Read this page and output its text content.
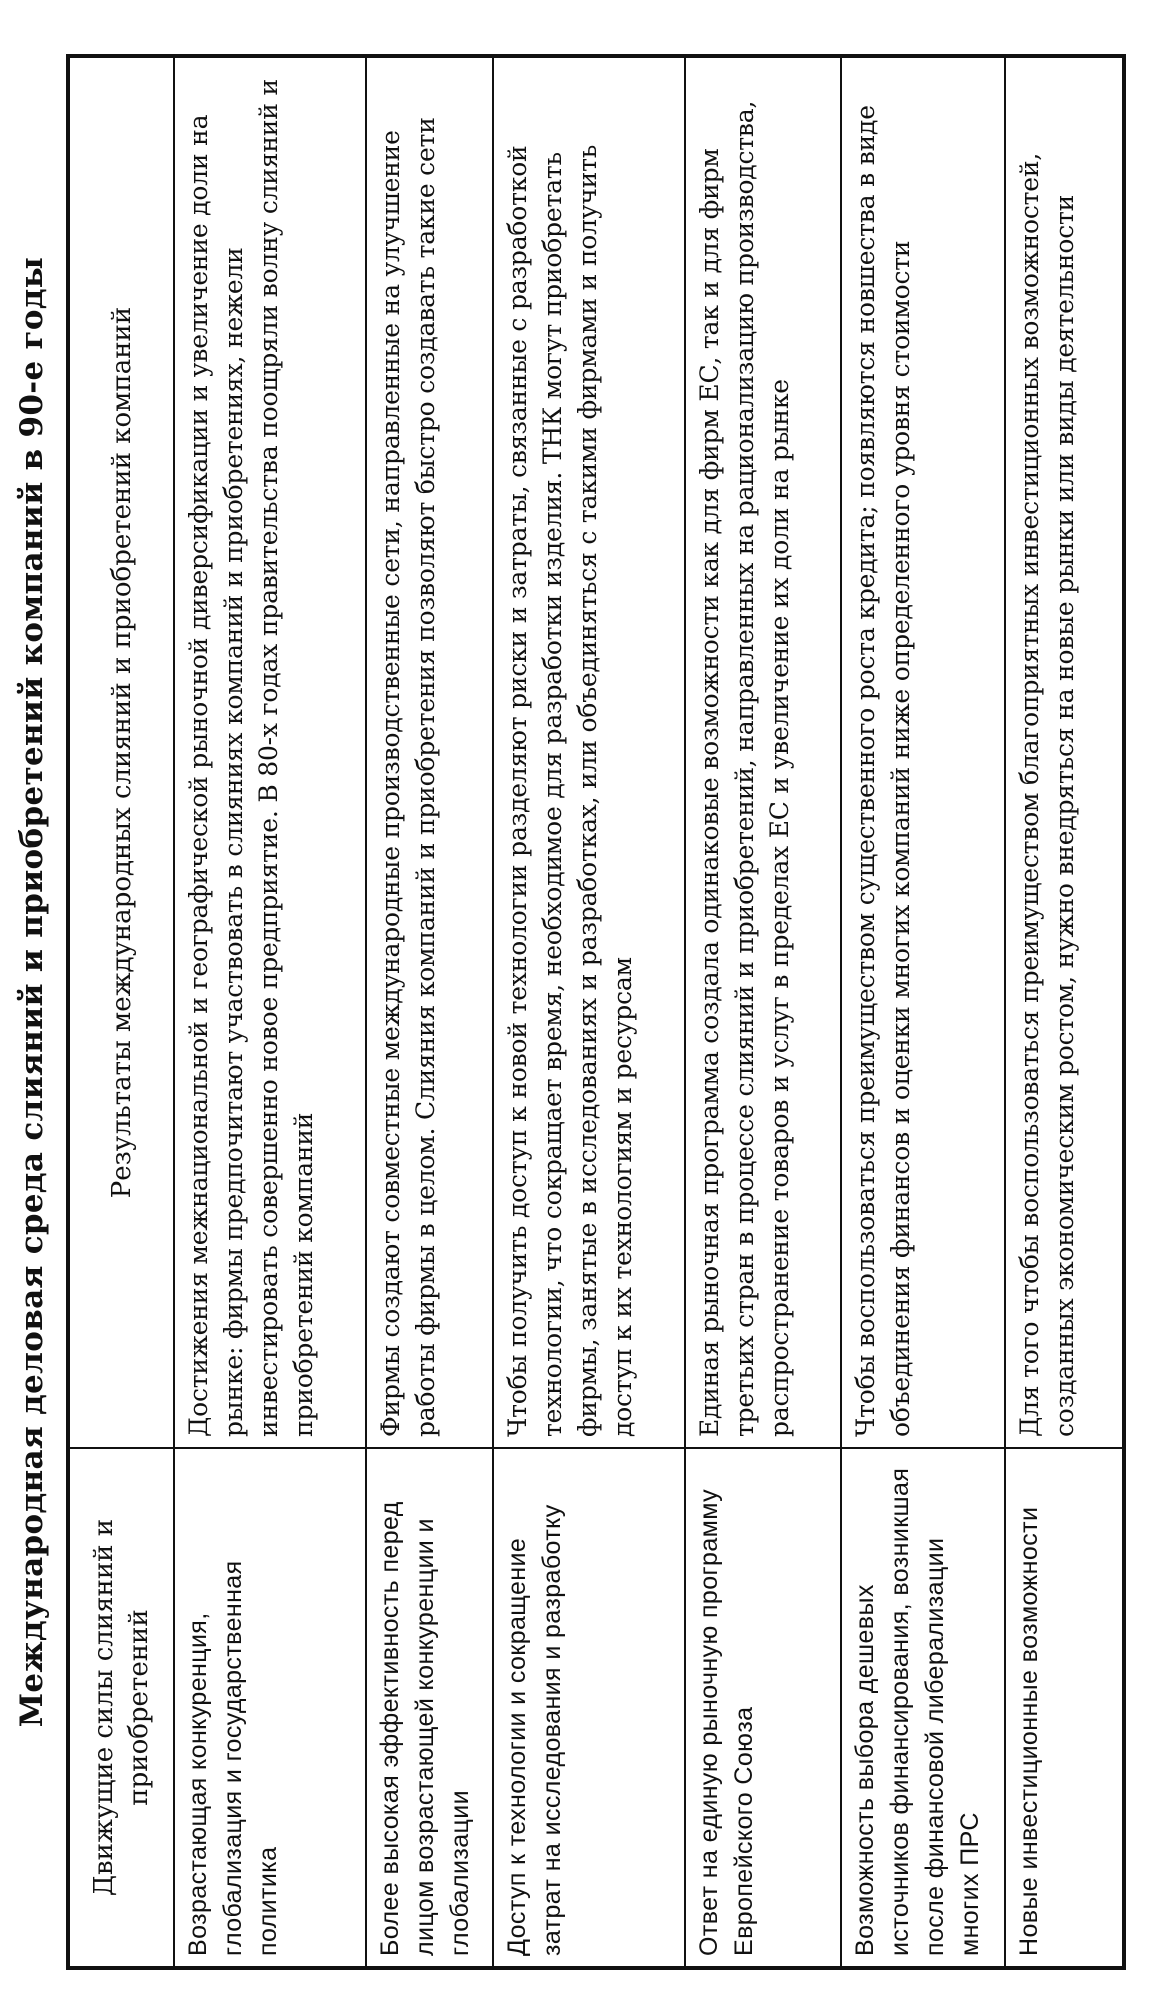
Международная деловая среда слияний и приобретений компаний в 90-е годы Движущие силы слияний и приобретений	Результаты международных слияний и приобретений компаний
Возрастающая конкуренция, глобализация и государственная политика	Достижения межнациональной и географической рыночной диверсификации и увеличение доли на рынке: фирмы предпочитают участвовать в слияниях компаний и приобретениях, нежели инвестировать совершенно новое предприятие. В 80-х годах правительства поощряли волну слияний и приобретений компаний
Более высокая эффективность перед лицом возрастающей конкуренции и глобализации	Фирмы создают совместные международные производственные сети, направленные на улучшение работы фирмы в целом. Слияния компаний и приобретения позволяют быстро создавать такие сети
Доступ к технологии и сокращение затрат на исследования и разработку	Чтобы получить доступ к новой технологии разделяют риски и затраты, связанные с разработкой технологии, что сокращает время, необходимое для разработки изделия. ТНК могут приобретать фирмы, занятые в исследованиях и разработках, или объединяться с такими фирмами и получить доступ к их технологиям и ресурсам
Ответ на единую рыночную программу Европейского Союза	Единая рыночная программа создала одинаковые возможности как для фирм ЕС, так и для фирм третьих стран в процессе слияний и приобретений, направленных на рационализацию производства, распространение товаров и услуг в пределах ЕС и увеличение их доли на рынке
Возможность выбора дешевых источников финансирования, возникшая после финансовой либерализации многих ПРС	Чтобы воспользоваться преимуществом существенного роста кредита; появляются новшества в виде объединения финансов и оценки многих компаний ниже определенного уровня стоимости
Новые инвестиционные возможности	Для того чтобы воспользоваться преимуществом благоприятных инвестиционных возможностей, созданных экономическим ростом, нужно внедряться на новые рынки или виды деятельности
